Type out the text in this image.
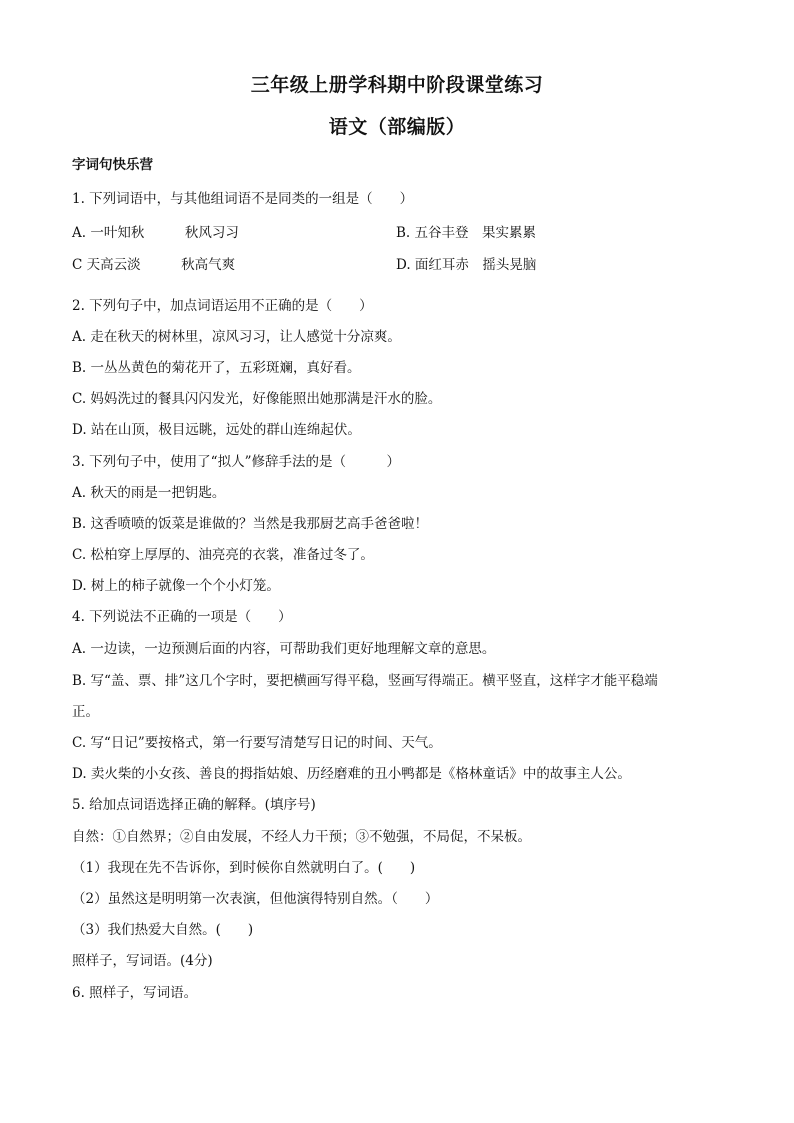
三年级上册学科期中阶段课堂练习
语文（部编版）
字词句快乐营
1. 下列词语中，与其他组词语不是同类的一组是（　　）
A. 一叶知秋　　　秋风习习	B. 五谷丰登　果实累累
C 天高云淡　　　秋高气爽	D. 面红耳赤　摇头晃脑
2. 下列句子中，加点词语运用不正确的是（　　）
A. 走在秋天的树林里，凉风习习，让人感觉十分凉爽。
B. 一丛丛黄色的菊花开了，五彩斑斓，真好看。
C. 妈妈洗过的餐具闪闪发光，好像能照出她那满是汗水的脸。
D. 站在山顶，极目远眺，远处的群山连绵起伏。
3. 下列句子中，使用了“拟人”修辞手法的是（　　　）
A. 秋天的雨是一把钥匙。
B. 这香喷喷的饭菜是谁做的？当然是我那厨艺高手爸爸啦！
C. 松柏穿上厚厚的、油亮亮的衣裳，准备过冬了。
D. 树上的柿子就像一个个小灯笼。
4. 下列说法不正确的一项是（　　）
A. 一边读，一边预测后面的内容，可帮助我们更好地理解文章的意思。
B. 写“盖、票、排”这几个字时，要把横画写得平稳，竖画写得端正。横平竖直，这样字才能平稳端
正。
C. 写“日记”要按格式，第一行要写清楚写日记的时间、天气。
D. 卖火柴的小女孩、善良的拇指姑娘、历经磨难的丑小鸭都是《格林童话》中的故事主人公。
5. 给加点词语选择正确的解释。(填序号)
自然：①自然界；②自由发展，不经人力干预；③不勉强，不局促，不呆板。
（1）我现在先不告诉你，到时候你自然就明白了。(　　)
（2）虽然这是明明第一次表演，但他演得特别自然。（　　）
（3）我们热爱大自然。(　　)
照样子，写词语。(4分)
6. 照样子，写词语。
